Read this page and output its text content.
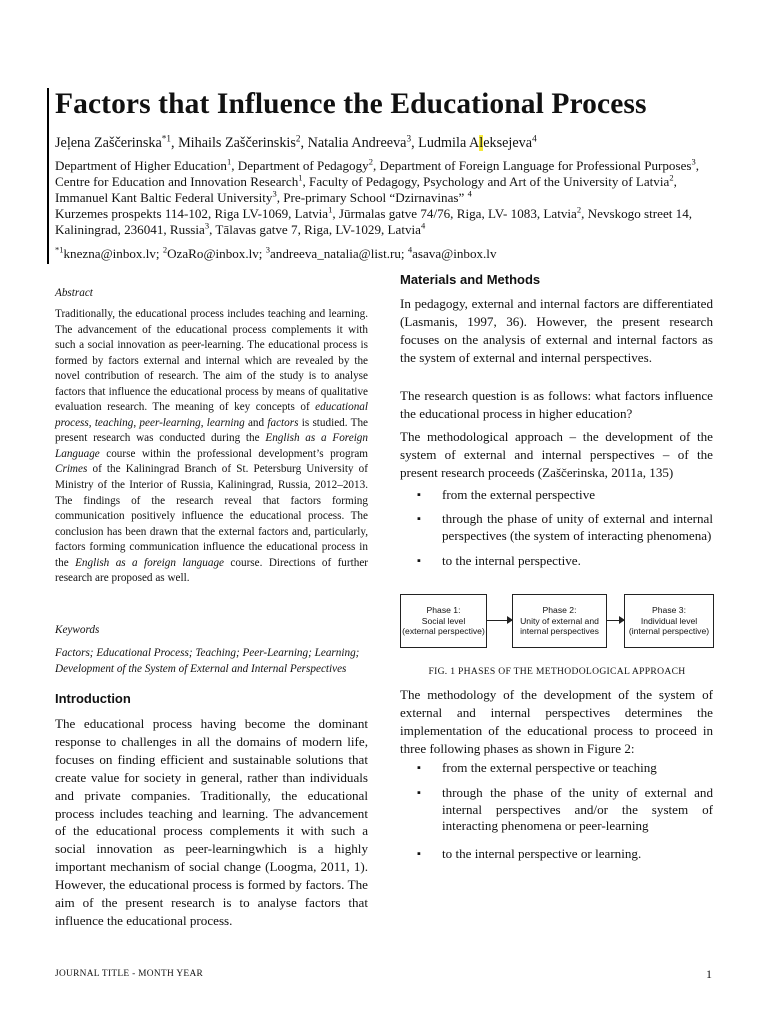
Factors that Influence the Educational Process
Jeļena Zaščerinska$^{*1}$, Mihails Zaščerinskis$^2$, Natalia Andreeva$^3$, Ludmila Aleksejeva$^4$

Department of Higher Education$^1$, Department of Pedagogy$^2$, Department of Foreign Language for Professional Purposes$^3$, Centre for Education and Innovation Research$^1$, Faculty of Pedagogy, Psychology and Art of the University of Latvia$^2$, Immanuel Kant Baltic Federal University$^3$, Pre-primary School “Dzirnavinas” $^4$

Kurzemes prospekts 114-102, Riga LV-1069, Latvia$^1$, Jūrmalas gatve 74/76, Riga, LV- 1083, Latvia$^2$, Nevskogo street 14, Kaliningrad, 236041, Russia$^3$, Tālavas gatve 7, Riga, LV-1029, Latvia$^4$

$^{*1}$knezna@inbox.lv; $^2$OzaRo@inbox.lv; $^3$andreeva_natalia@list.ru; $^4$asava@inbox.lv
Abstract

Traditionally, the educational process includes teaching and learning. The advancement of the educational process complements it with such a social innovation as peer-learning. The educational process is formed by factors external and internal which are revealed by the novel contribution of research. The aim of the study is to analyse factors that influence the educational process by means of qualitative evaluation research. The meaning of key concepts of educational process, teaching, peer-learning, learning and factors is studied. The present research was conducted during the English as a Foreign Language course within the professional development’s program Crimes of the Kaliningrad Branch of St. Petersburg University of Ministry of the Interior of Russia, Kaliningrad, Russia, 2012–2013. The findings of the research reveal that factors forming communication positively influence the educational process. The conclusion has been drawn that the external factors and, particularly, factors forming communication influence the educational process in the English as a foreign language course. Directions of further research are proposed as well.

Keywords

Factors; Educational Process; Teaching; Peer-Learning; Learning; Development of the System of External and Internal Perspectives

Introduction

The educational process having become the dominant response to challenges in all the domains of modern life, focuses on finding efficient and sustainable solutions that create value for society in general, rather than individuals and private companies. Traditionally, the educational process includes teaching and learning. The advancement of the educational process complements it with such a social innovation as peer-learningwhich is a highly important mechanism of social change (Loogma, 2011, 1). However, the educational process is formed by factors. The aim of the present research is to analyse factors that influence the educational process.

Materials and Methods

In pedagogy, external and internal factors are differentiated (Lasmanis, 1997, 36). However, the present research focuses on the analysis of external and internal factors as the system of external and internal perspectives.

The research question is as follows: what factors influence the educational process in higher education?

The methodological approach – the development of the system of external and internal perspectives – of the present research proceeds (Zaščerinska, 2011a, 135)

▪ from the external perspective
▪ through the phase of unity of external and internal perspectives (the system of interacting phenomena)
▪ to the internal perspective.
Phase 1:
Social level
(external perspective)
Phase 2:
Unity of external and
internal perspectives
Phase 3:
Individual level
(internal perspective)
FIG. 1 PHASES OF THE METHODOLOGICAL APPROACH

The methodology of the development of the system of external and internal perspectives determines the implementation of the educational process to proceed in three following phases as shown in Figure 2:

▪ from the external perspective or teaching
▪ through the phase of the unity of external and internal perspectives and/or the system of interacting phenomena or peer-learning
▪ to the internal perspective or learning.
JOURNAL TITLE - MONTH YEAR	1
